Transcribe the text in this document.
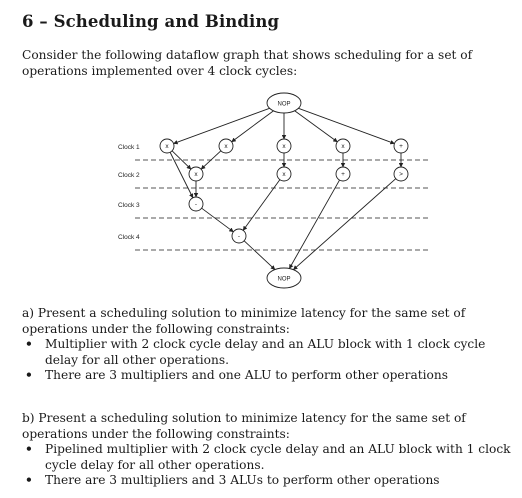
6 – Scheduling and Binding

Consider the following dataflow graph that shows scheduling for a set of operations implemented over 4 clock cycles:

Clock 1
Clock 2
Clock 3
Clock 4
NOP
x	x	x	x	+
x	x	+	>
-
-
NOP
a) Present a scheduling solution to minimize latency for the same set of operations under the following constraints:
• Multiplier with 2 clock cycle delay and an ALU block with 1 clock cycle delay for all other operations.
• There are 3 multipliers and one ALU to perform other operations
b) Present a scheduling solution to minimize latency for the same set of operations under the following constraints:
• Pipelined multiplier with 2 clock cycle delay and an ALU block with 1 clock cycle delay for all other operations.
• There are 3 multipliers and 3 ALUs to perform other operations
